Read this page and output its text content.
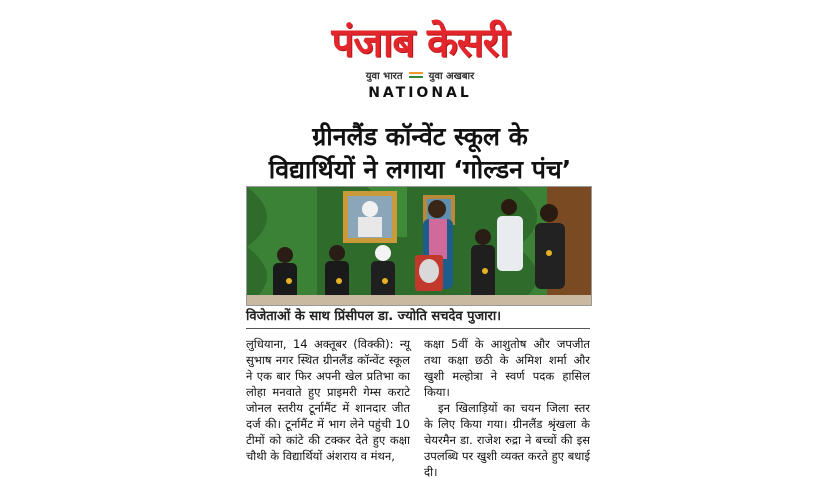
पंजाब केसरी
युवा भारत	युवा अखबार
NATIONAL
ग्रीनलैंड कॉन्वेंट स्कूल के
विद्यार्थियों ने लगाया ‘गोल्डन पंच’
विजेताओं के साथ प्रिंसीपल डा. ज्योति सचदेव पुजारा।

लुधियाना, 14 अक्तूबर (विक्की): न्यू सुभाष नगर स्थित ग्रीनलैंड कॉन्वेंट स्कूल ने एक बार फिर अपनी खेल प्रतिभा का लोहा मनवाते हुए प्राइमरी गेम्स कराटे जोनल स्तरीय टूर्नामैंट में शानदार जीत दर्ज की। टूर्नामैंट में भाग लेने पहुंची 10 टीमों को कांटे की टक्कर देते हुए कक्षा चौथी के विद्यार्थियों अंशराय व मंथन,

कक्षा 5वीं के आशुतोष और जपजीत तथा कक्षा छठी के अमिश शर्मा और खुशी मल्होत्रा ने स्वर्ण पदक हासिल किया।

इन खिलाड़ियों का चयन जिला स्तर के लिए किया गया। ग्रीनलैंड श्रृंखला के चेयरमैन डा. राजेश रुद्रा ने बच्चों की इस उपलब्धि पर खुशी व्यक्त करते हुए बधाई दी।
